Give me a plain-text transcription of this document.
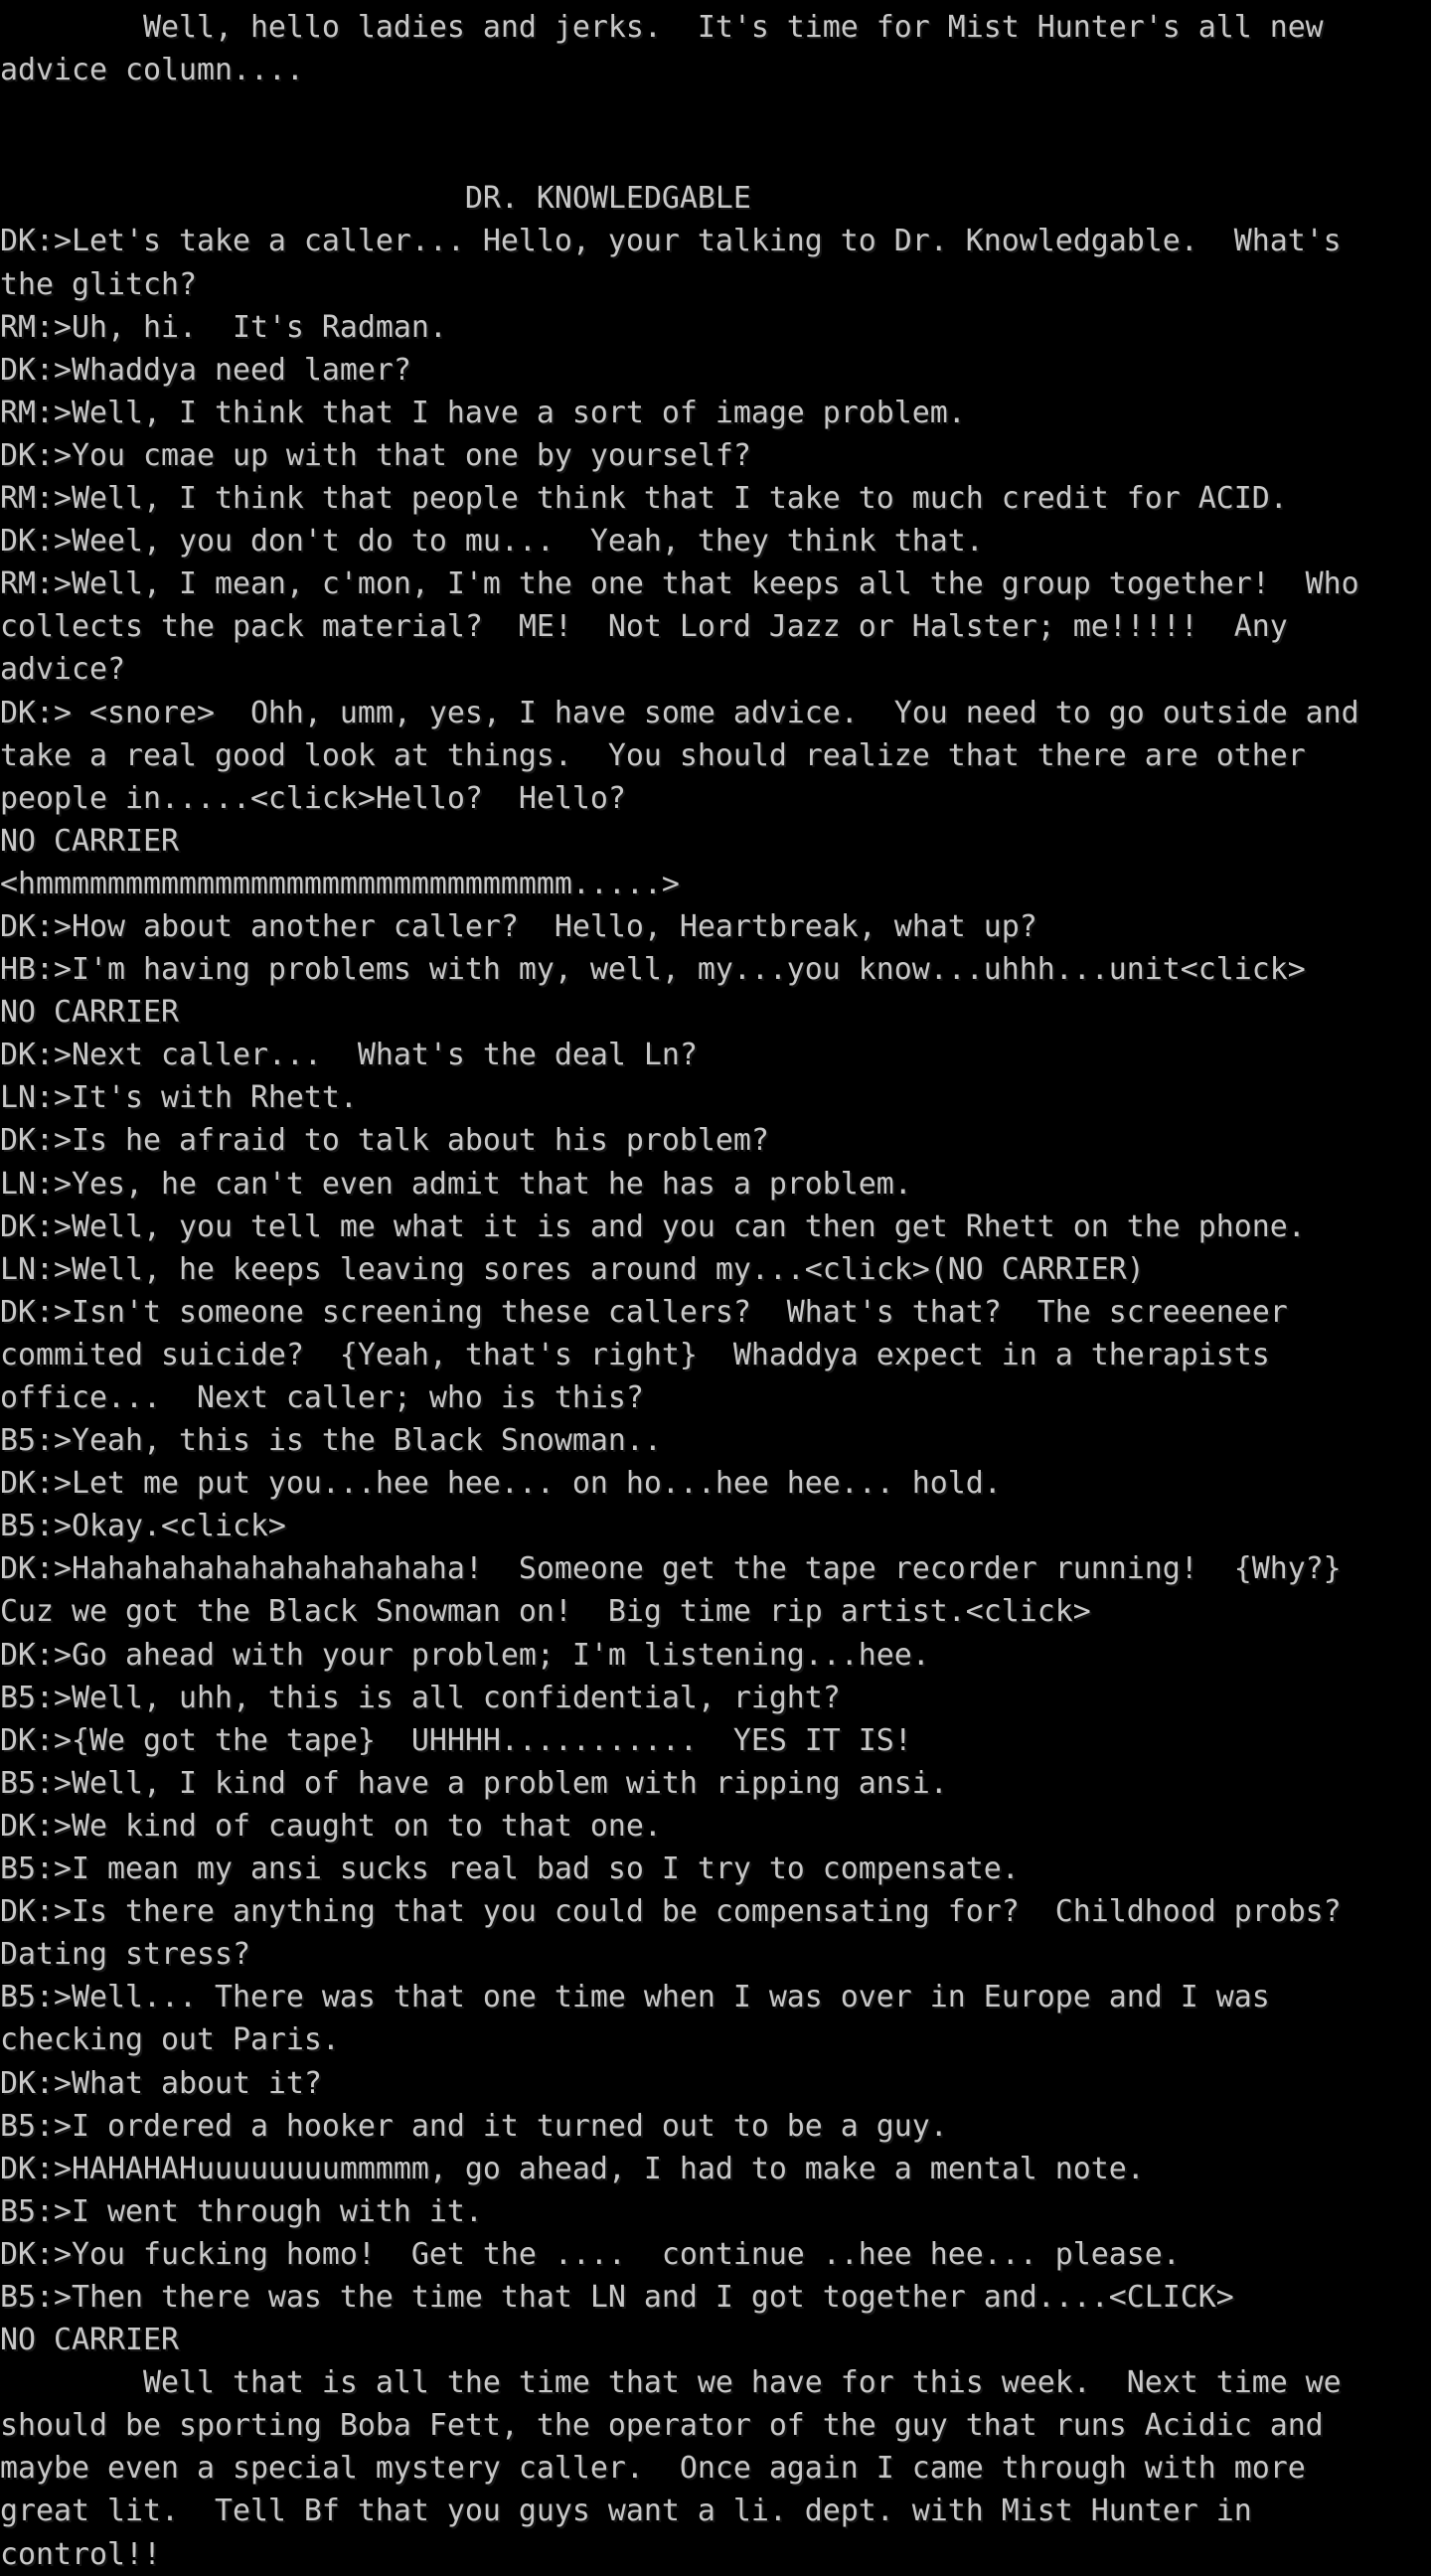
Well, hello ladies and jerks.  It's time for Mist Hunter's all new
advice column....
DR. KNOWLEDGABLE
DK:>Let's take a caller... Hello, your talking to Dr. Knowledgable.  What's
the glitch?
RM:>Uh, hi.  It's Radman.
DK:>Whaddya need lamer?
RM:>Well, I think that I have a sort of image problem.
DK:>You cmae up with that one by yourself?
RM:>Well, I think that people think that I take to much credit for ACID.
DK:>Weel, you don't do to mu...  Yeah, they think that.
RM:>Well, I mean, c'mon, I'm the one that keeps all the group together!  Who
collects the pack material?  ME!  Not Lord Jazz or Halster; me!!!!!  Any
advice?
DK:> <snore>  Ohh, umm, yes, I have some advice.  You need to go outside and
take a real good look at things.  You should realize that there are other
people in.....<click>Hello?  Hello?
NO CARRIER
<hmmmmmmmmmmmmmmmmmmmmmmmmmmmmmm.....>
DK:>How about another caller?  Hello, Heartbreak, what up?
HB:>I'm having problems with my, well, my...you know...uhhh...unit<click>
NO CARRIER
DK:>Next caller...  What's the deal Ln?
LN:>It's with Rhett.
DK:>Is he afraid to talk about his problem?
LN:>Yes, he can't even admit that he has a problem.
DK:>Well, you tell me what it is and you can then get Rhett on the phone.
LN:>Well, he keeps leaving sores around my...<click>(NO CARRIER)
DK:>Isn't someone screening these callers?  What's that?  The screeeneer
commited suicide?  {Yeah, that's right}  Whaddya expect in a therapists
office...  Next caller; who is this?
B5:>Yeah, this is the Black Snowman..
DK:>Let me put you...hee hee... on ho...hee hee... hold.
B5:>Okay.<click>
DK:>Hahahahahahahahahahaha!  Someone get the tape recorder running!  {Why?}
Cuz we got the Black Snowman on!  Big time rip artist.<click>
DK:>Go ahead with your problem; I'm listening...hee.
B5:>Well, uhh, this is all confidential, right?
DK:>{We got the tape}  UHHHH...........  YES IT IS!
B5:>Well, I kind of have a problem with ripping ansi.
DK:>We kind of caught on to that one.
B5:>I mean my ansi sucks real bad so I try to compensate.
DK:>Is there anything that you could be compensating for?  Childhood probs?
Dating stress?
B5:>Well... There was that one time when I was over in Europe and I was
checking out Paris.
DK:>What about it?
B5:>I ordered a hooker and it turned out to be a guy.
DK:>HAHAHAHuuuuuuuummmmm, go ahead, I had to make a mental note.
B5:>I went through with it.
DK:>You fucking homo!  Get the ....  continue ..hee hee... please.
B5:>Then there was the time that LN and I got together and....<CLICK>
NO CARRIER
Well that is all the time that we have for this week.  Next time we
should be sporting Boba Fett, the operator of the guy that runs Acidic and
maybe even a special mystery caller.  Once again I came through with more
great lit.  Tell Bf that you guys want a li. dept. with Mist Hunter in
control!!
